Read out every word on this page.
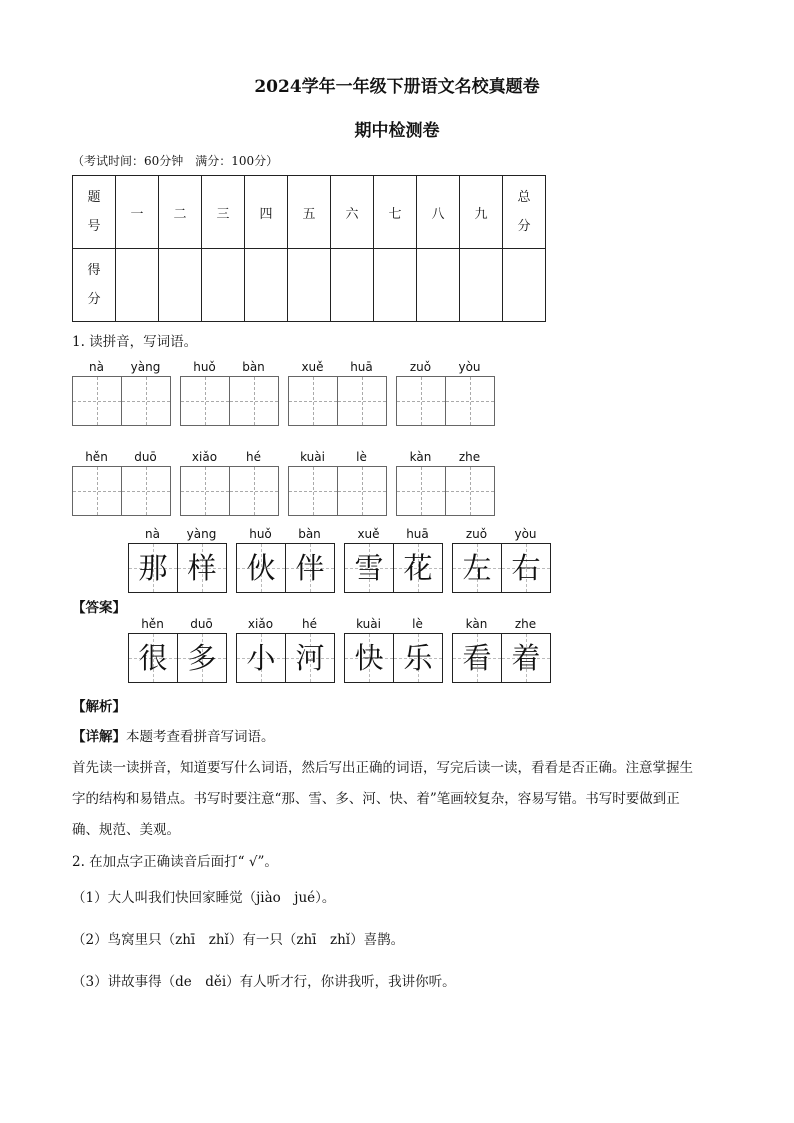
2024学年一年级下册语文名校真题卷
期中检测卷
（考试时间：60分钟　满分：100分）
题号	一	二	三	四	五	六	七	八	九	总分
得分										
1. 读拼音，写词语。
nà	yàng	huǒ	bàn	xuě	huā	zuǒ	yòu
hěn	duō	xiǎo	hé	kuài	lè	kàn	zhe
【答案】
nà	yàng
那 样
huǒ	bàn
伙 伴
xuě	huā
雪 花
zuǒ	yòu
左 右
hěn	duō
很 多
xiǎo	hé
小 河
kuài	lè
快 乐
kàn	zhe
看 着
【解析】
【详解】本题考查看拼音写词语。
首先读一读拼音，知道要写什么词语，然后写出正确的词语，写完后读一读，看看是否正确。注意掌握生
字的结构和易错点。书写时要注意“那、雪、多、河、快、着”笔画较复杂，容易写错。书写时要做到正
确、规范、美观。
2. 在加点字正确读音后面打“ √”。
（1）大人叫我们快回家睡觉（jiào　jué）。
（2）鸟窝里只（zhī　zhǐ）有一只（zhī　zhǐ）喜鹊。
（3）讲故事得（de　děi）有人听才行，你讲我听，我讲你听。
